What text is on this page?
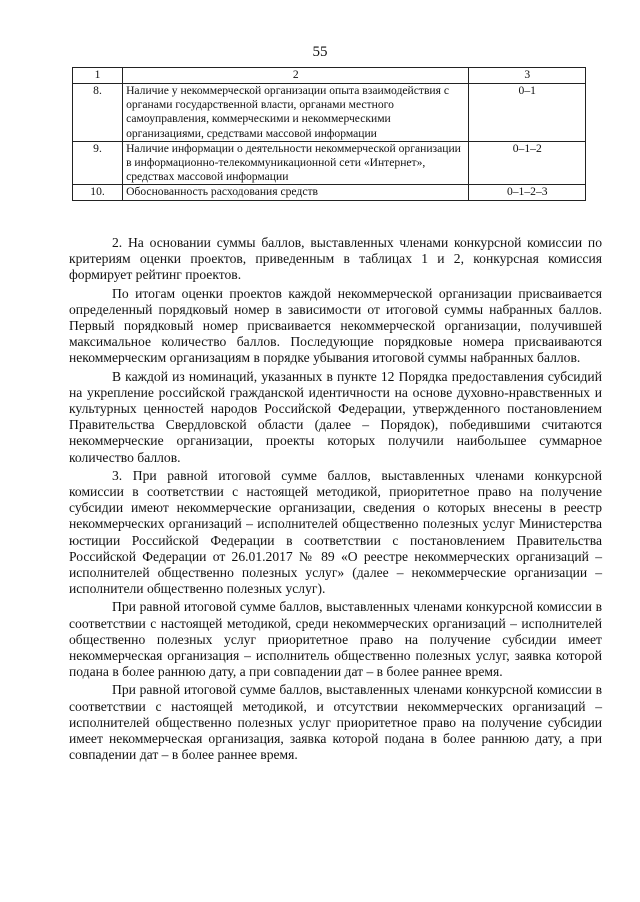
55
1	2	3
8.	Наличие у некоммерческой организации опыта взаимодействия с органами государственной власти, органами местного самоуправления, коммерческими и некоммерческими организациями, средствами массовой информации	0–1
9.	Наличие информации о деятельности некоммерческой организации в информационно-телекоммуникационной сети «Интернет», средствах массовой информации	0–1–2
10.	Обоснованность расходования средств	0–1–2–3

2. На основании суммы баллов, выставленных членами конкурсной комиссии по критериям оценки проектов, приведенным в таблицах 1 и 2, конкурсная комиссия формирует рейтинг проектов.

По итогам оценки проектов каждой некоммерческой организации присваивается определенный порядковый номер в зависимости от итоговой суммы набранных баллов. Первый порядковый номер присваивается некоммерческой организации, получившей максимальное количество баллов. Последующие порядковые номера присваиваются некоммерческим организациям в порядке убывания итоговой суммы набранных баллов.

В каждой из номинаций, указанных в пункте 12 Порядка предоставления субсидий на укрепление российской гражданской идентичности на основе духовно-нравственных и культурных ценностей народов Российской Федерации, утвержденного постановлением Правительства Свердловской области (далее – Порядок), победившими считаются некоммерческие организации, проекты которых получили наибольшее суммарное количество баллов.

3. При равной итоговой сумме баллов, выставленных членами конкурсной комиссии в соответствии с настоящей методикой, приоритетное право на получение субсидии имеют некоммерческие организации, сведения о которых внесены в реестр некоммерческих организаций – исполнителей общественно полезных услуг Министерства юстиции Российской Федерации в соответствии с постановлением Правительства Российской Федерации от 26.01.2017 № 89 «О реестре некоммерческих организаций – исполнителей общественно полезных услуг» (далее – некоммерческие организации – исполнители общественно полезных услуг).

При равной итоговой сумме баллов, выставленных членами конкурсной комиссии в соответствии с настоящей методикой, среди некоммерческих организаций – исполнителей общественно полезных услуг приоритетное право на получение субсидии имеет некоммерческая организация – исполнитель общественно полезных услуг, заявка которой подана в более раннюю дату, а при совпадении дат – в более раннее время.

При равной итоговой сумме баллов, выставленных членами конкурсной комиссии в соответствии с настоящей методикой, и отсутствии некоммерческих организаций – исполнителей общественно полезных услуг приоритетное право на получение субсидии имеет некоммерческая организация, заявка которой подана в более раннюю дату, а при совпадении дат – в более раннее время.
